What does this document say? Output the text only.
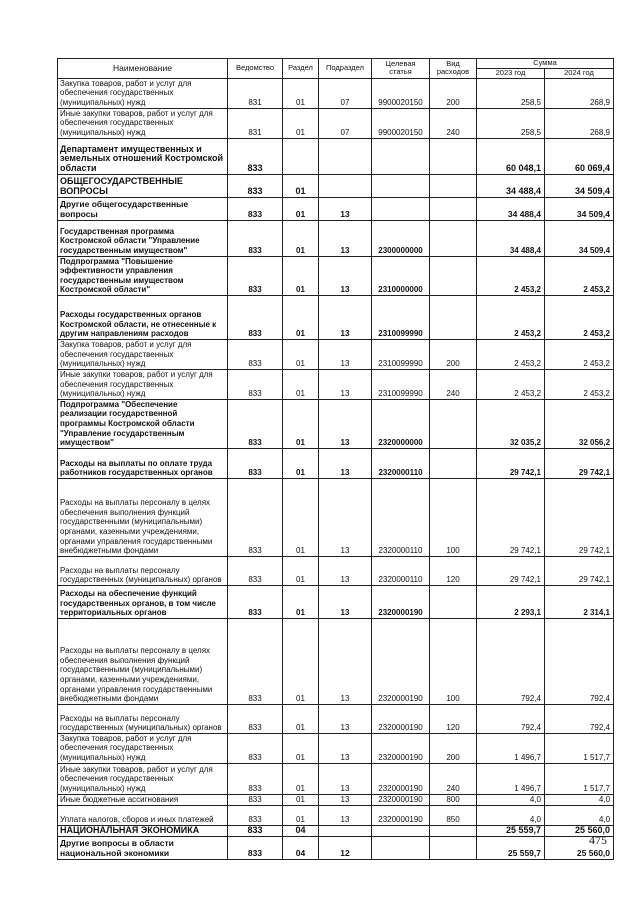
Наименование	Ведомство	Раздел	Подраздел	Целевая статья	Вид расходов	Сумма	
						2023 год	2024 год
Закупка товаров, работ и услуг для обеспечения государственных (муниципальных) нужд	831	01	07	9900020150	200	258,5	268,9
Иные закупки товаров, работ и услуг для обеспечения государственных (муниципальных) нужд	831	01	07	9900020150	240	258,5	268,9
Департамент имущественных и земельных отношений Костромской области	833					60 048,1	60 069,4
ОБЩЕГОСУДАРСТВЕННЫЕ ВОПРОСЫ	833	01				34 488,4	34 509,4
Другие общегосударственные вопросы	833	01	13			34 488,4	34 509,4
Государственная программа Костромской области "Управление государственным имуществом"	833	01	13	2300000000		34 488,4	34 509,4
Подпрограмма "Повышение эффективности управления государственным имуществом Костромской области"	833	01	13	2310000000		2 453,2	2 453,2
Расходы государственных органов Костромской области, не отнесенные к другим направлениям расходов	833	01	13	2310099990		2 453,2	2 453,2
Закупка товаров, работ и услуг для обеспечения государственных (муниципальных) нужд	833	01	13	2310099990	200	2 453,2	2 453,2
Иные закупки товаров, работ и услуг для обеспечения государственных (муниципальных) нужд	833	01	13	2310099990	240	2 453,2	2 453,2
Подпрограмма "Обеспечение реализации государственной программы Костромской области "Управление государственным имуществом"	833	01	13	2320000000		32 035,2	32 056,2
Расходы на выплаты по оплате труда работников государственных органов	833	01	13	2320000110		29 742,1	29 742,1
Расходы на выплаты персоналу в целях обеспечения выполнения функций государственными (муниципальными) органами, казенными учреждениями, органами управления государственными внебюджетными фондами	833	01	13	2320000110	100	29 742,1	29 742,1
Расходы на выплаты персоналу государственных (муниципальных) органов	833	01	13	2320000110	120	29 742,1	29 742,1
Расходы на обеспечение функций государственных органов, в том числе территориальных органов	833	01	13	2320000190		2 293,1	2 314,1
Расходы на выплаты персоналу в целях обеспечения выполнения функций государственными (муниципальными) органами, казенными учреждениями, органами управления государственными внебюджетными фондами	833	01	13	2320000190	100	792,4	792,4
Расходы на выплаты персоналу государственных (муниципальных) органов	833	01	13	2320000190	120	792,4	792,4
Закупка товаров, работ и услуг для обеспечения государственных (муниципальных) нужд	833	01	13	2320000190	200	1 496,7	1 517,7
Иные закупки товаров, работ и услуг для обеспечения государственных (муниципальных) нужд	833	01	13	2320000190	240	1 496,7	1 517,7
Иные бюджетные ассигнования	833	01	13	2320000190	800	4,0	4,0
Уплата налогов, сборов и иных платежей	833	01	13	2320000190	850	4,0	4,0
НАЦИОНАЛЬНАЯ ЭКОНОМИКА	833	04				25 559,7	25 560,0
Другие вопросы в области национальной экономики	833	04	12			25 559,7	25 560,0
475
